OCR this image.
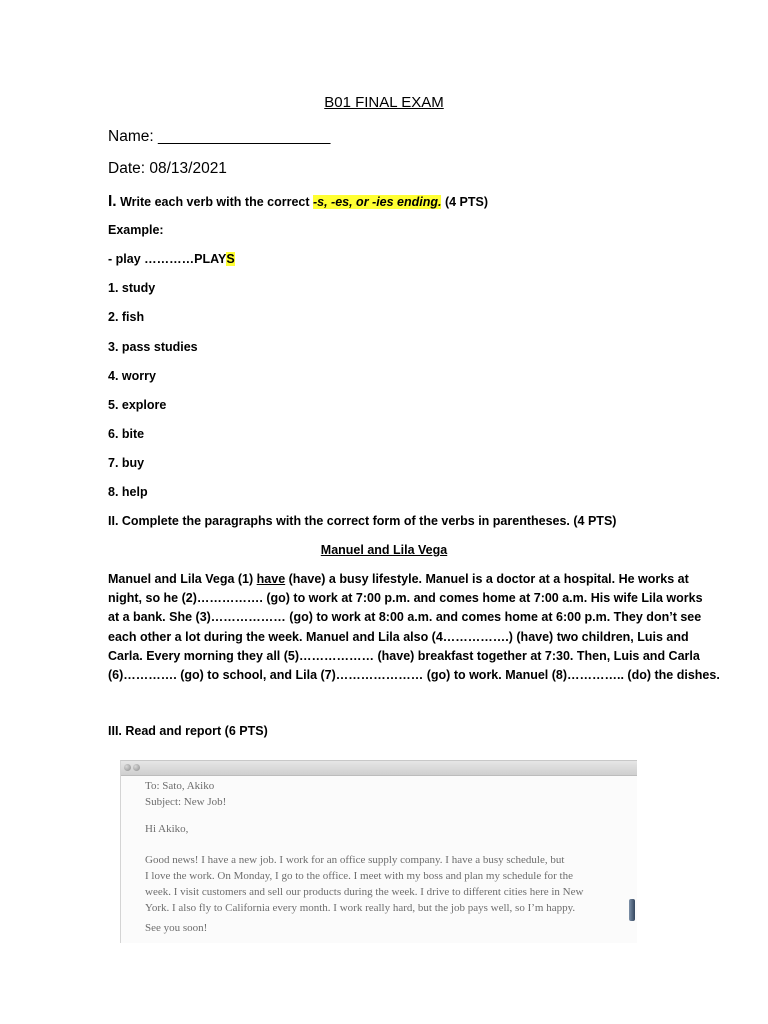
B01 FINAL EXAM
Name: ____________________
Date: 08/13/2021
I. Write each verb with the correct -s, -es, or -ies ending. (4 PTS)
Example:
- play …………PLAYS
1. study
2. fish
3. pass studies
4. worry
5. explore
6. bite
7. buy
8. help
II. Complete the paragraphs with the correct form of the verbs in parentheses. (4 PTS)
Manuel and Lila Vega
Manuel and Lila Vega (1) have (have) a busy lifestyle. Manuel is a doctor at a hospital. He works at
night, so he (2)……………. (go) to work at 7:00 p.m. and comes home at 7:00 a.m. His wife Lila works
at a bank. She (3)……………… (go) to work at 8:00 a.m. and comes home at 6:00 p.m. They don’t see
each other a lot during the week. Manuel and Lila also (4…………….) (have) two children, Luis and
Carla. Every morning they all (5)……………… (have) breakfast together at 7:30. Then, Luis and Carla
(6)…………. (go) to school, and Lila (7)………………… (go) to work. Manuel (8)………….. (do) the dishes.
III. Read and report (6 PTS)
To: Sato, Akiko
Subject: New Job!
Hi Akiko,
Good news! I have a new job. I work for an office supply company. I have a busy schedule, but
I love the work. On Monday, I go to the office. I meet with my boss and plan my schedule for the
week. I visit customers and sell our products during the week. I drive to different cities here in New
York. I also fly to California every month. I work really hard, but the job pays well, so I’m happy.
See you soon!
